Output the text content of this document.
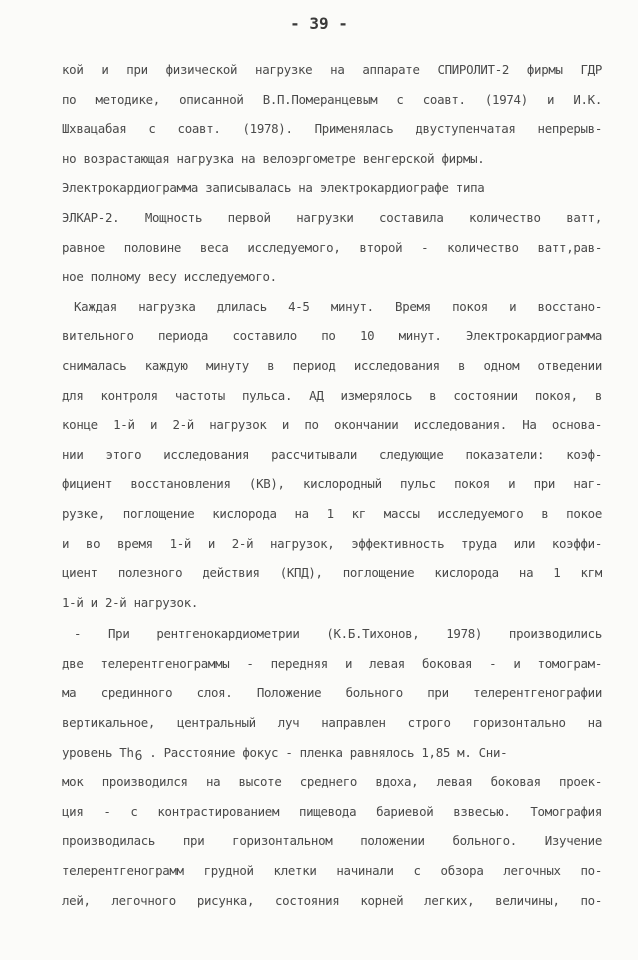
- 39 -
кой и при физической нагрузке на аппарате СПИРОЛИТ-2 фирмы ГДР
по методике, описанной В.П.Померанцевым с соавт. (1974) и И.К.
Шхвацабая с соавт. (1978). Применялась двуступенчатая непрерыв-
но возрастающая нагрузка на велоэргометре венгерской фирмы.
Электрокардиограмма записывалась на электрокардиографе типа
ЭЛКАР-2. Мощность первой нагрузки составила количество ватт,
равное половине веса исследуемого, второй - количество ватт,рав-
ное полному весу исследуемого.
Каждая нагрузка длилась 4-5 минут. Время покоя и восстано-
вительного периода составило по 10 минут. Электрокардиограмма
снималась каждую минуту в период исследования в одном отведении
для контроля частоты пульса. АД измерялось в состоянии покоя, в
конце 1-й и 2-й нагрузок и по окончании исследования. На основа-
нии этого исследования рассчитывали следующие показатели: коэф-
фициент восстановления (КВ), кислородный пульс покоя и при наг-
рузке, поглощение кислорода на 1 кг массы исследуемого в покое
и во время 1-й и 2-й нагрузок, эффективность труда или коэффи-
циент полезного действия (КПД), поглощение кислорода на 1 кгм
1-й и 2-й нагрузок.
- При рентгенокардиометрии (К.Б.Тихонов, 1978) производились
две телерентгенограммы - передняя и левая боковая - и томограм-
ма срединного слоя. Положение больного при телерентгенографии
вертикальное, центральный луч направлен строго горизонтально на
уровень $Th_6$ . Расстояние фокус - пленка равнялось 1,85 м. Сни-
мок производился на высоте среднего вдоха, левая боковая проек-
ция - с контрастированием пищевода бариевой взвесью. Томография
производилась при горизонтальном положении больного. Изучение
телерентгенограмм грудной клетки начинали с обзора легочных по-
лей, легочного рисунка, состояния корней легких, величины, по-
